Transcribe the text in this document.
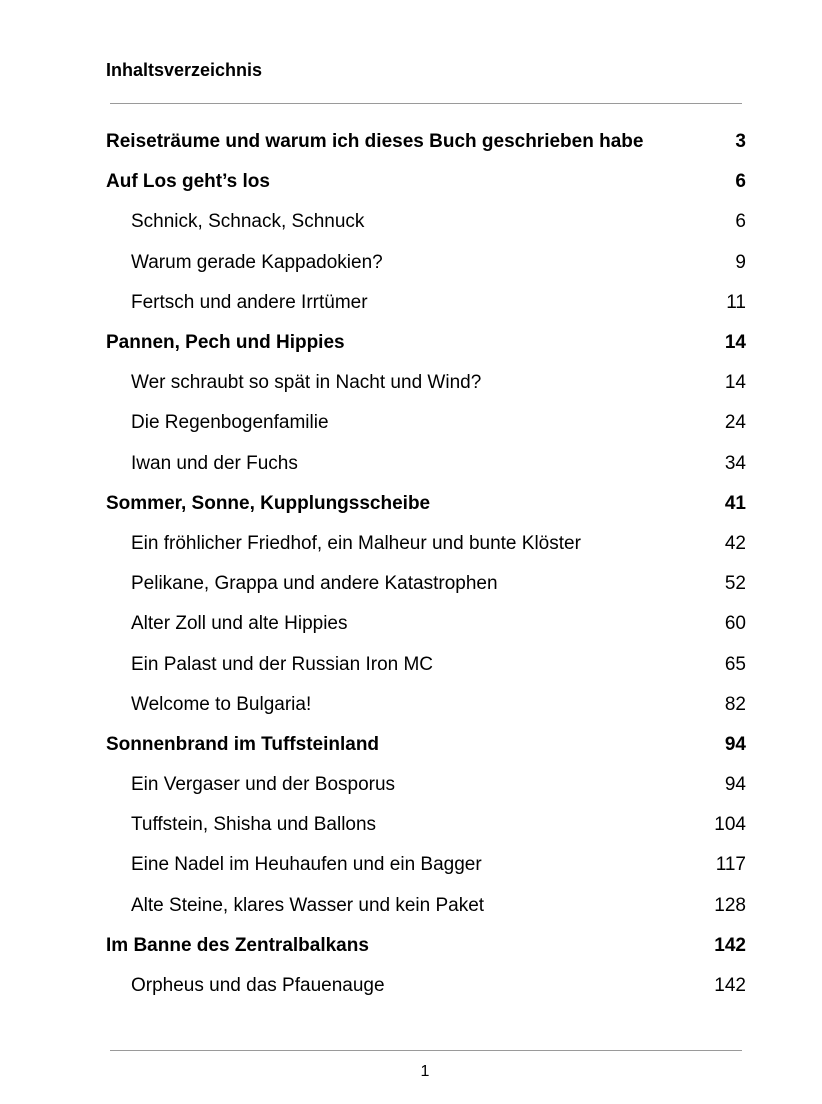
Inhaltsverzeichnis
Reiseträume und warum ich dieses Buch geschrieben habe	3
Auf Los geht’s los	6
Schnick, Schnack, Schnuck	6
Warum gerade Kappadokien?	9
Fertsch und andere Irrtümer	11
Pannen, Pech und Hippies	14
Wer schraubt so spät in Nacht und Wind?	14
Die Regenbogenfamilie	24
Iwan und der Fuchs	34
Sommer, Sonne, Kupplungsscheibe	41
Ein fröhlicher Friedhof, ein Malheur und bunte Klöster	42
Pelikane, Grappa und andere Katastrophen	52
Alter Zoll und alte Hippies	60
Ein Palast und der Russian Iron MC	65
Welcome to Bulgaria!	82
Sonnenbrand im Tuffsteinland	94
Ein Vergaser und der Bosporus	94
Tuffstein, Shisha und Ballons	104
Eine Nadel im Heuhaufen und ein Bagger	117
Alte Steine, klares Wasser und kein Paket	128
Im Banne des Zentralbalkans	142
Orpheus und das Pfauenauge	142
1
